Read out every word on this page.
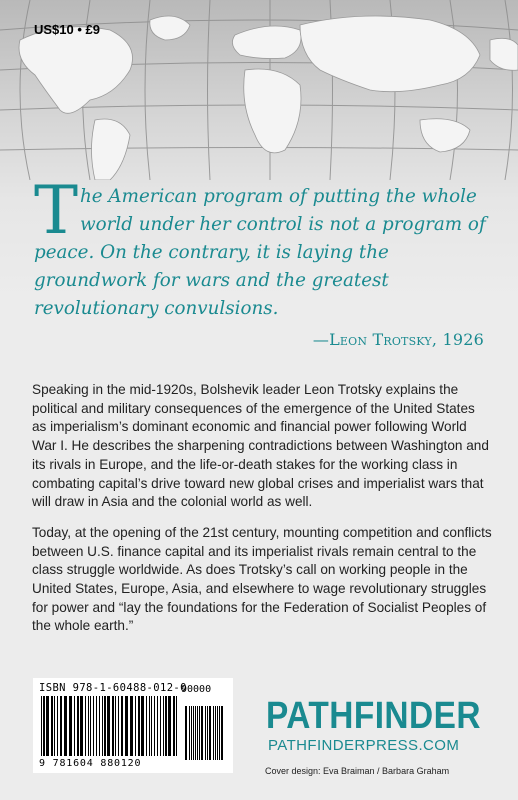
US$10 • £9
The American program of putting the whole world under her control is not a program of peace. On the contrary, it is laying the groundwork for wars and the greatest revolutionary convulsions.
—Leon Trotsky, 1926

Speaking in the mid-1920s, Bolshevik leader Leon Trotsky explains the political and military consequences of the emergence of the United States as imperialism’s dominant economic and financial power following World War I. He describes the sharpening contradictions between Washington and its rivals in Europe, and the life-or-death stakes for the working class in combating capital’s drive toward new global crises and imperialist wars that will draw in Asia and the colonial world as well.

Today, at the opening of the 21st century, mounting competition and conflicts between U.S. finance capital and its imperialist rivals remain central to the class struggle worldwide. As does Trotsky’s call on working people in the United States, Europe, Asia, and elsewhere to wage revolutionary struggles for power and “lay the foundations for the Federation of Socialist Peoples of the whole earth.”

ISBN 978-1-60488-012-0
9 781604 880120
90000
PATHFINDER
PATHFINDERPRESS.COM
Cover design: Eva Braiman / Barbara Graham
